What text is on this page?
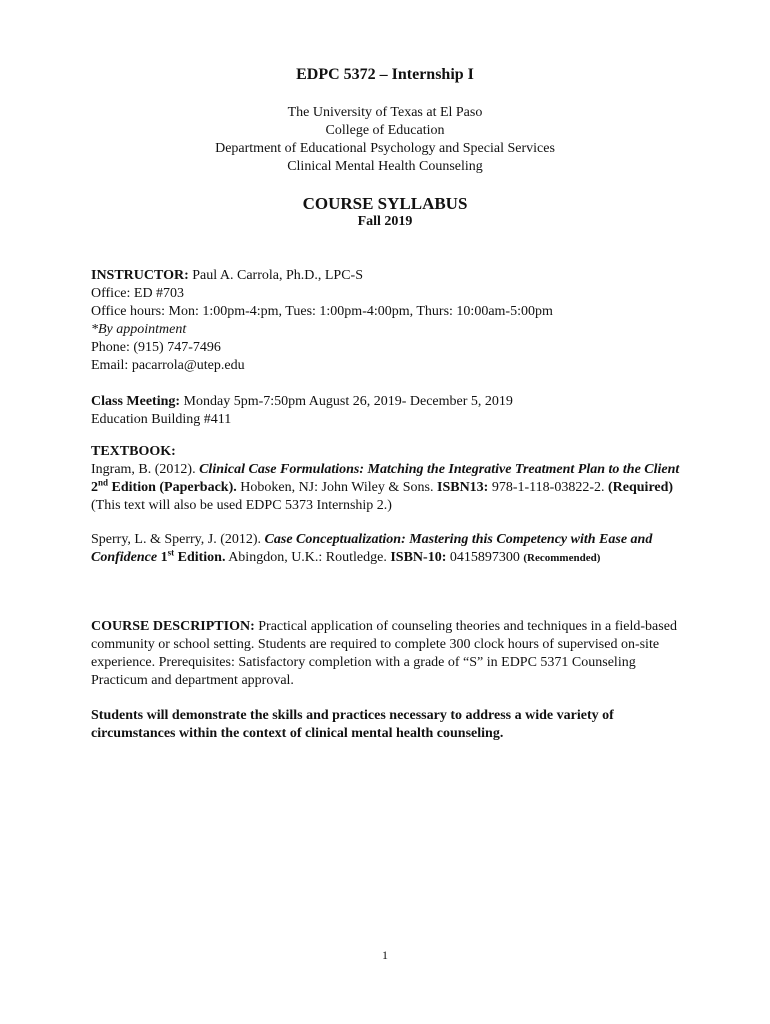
EDPC 5372 – Internship I

The University of Texas at El Paso

College of Education

Department of Educational Psychology and Special Services

Clinical Mental Health Counseling

COURSE SYLLABUS
Fall 2019

INSTRUCTOR: Paul A. Carrola, Ph.D., LPC-S

Office: ED #703

Office hours: Mon: 1:00pm-4:pm, Tues: 1:00pm-4:00pm, Thurs: 10:00am-5:00pm

*By appointment

Phone: (915) 747-7496

Email: pacarrola@utep.edu

Class Meeting: Monday 5pm-7:50pm August 26, 2019- December 5, 2019

Education Building #411

TEXTBOOK:

Ingram, B. (2012). Clinical Case Formulations: Matching the Integrative Treatment Plan to the Client 2nd Edition (Paperback). Hoboken, NJ: John Wiley & Sons. ISBN13: 978-1-118-03822-2. (Required) (This text will also be used EDPC 5373 Internship 2.)

Sperry, L. & Sperry, J. (2012). Case Conceptualization: Mastering this Competency with Ease and Confidence 1st Edition. Abingdon, U.K.: Routledge. ISBN-10: 0415897300 (Recommended)

COURSE DESCRIPTION: Practical application of counseling theories and techniques in a field-based community or school setting. Students are required to complete 300 clock hours of supervised on-site experience. Prerequisites: Satisfactory completion with a grade of “S” in EDPC 5371 Counseling Practicum and department approval.

Students will demonstrate the skills and practices necessary to address a wide variety of circumstances within the context of clinical mental health counseling.
1
